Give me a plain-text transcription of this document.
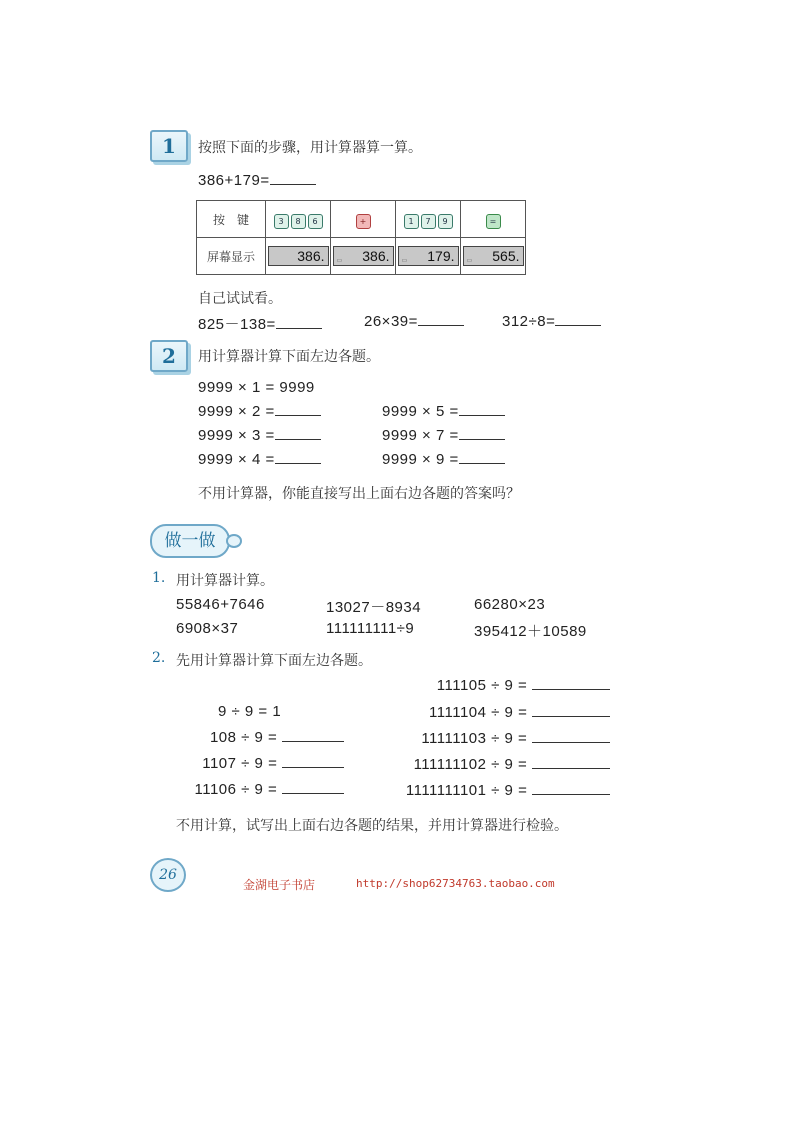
1	按照下面的步骤，用计算器算一算。
386+179=
按　键	3 8 6	+	1 7 9	=
屏幕显示	386.	▭ 386.	▭ 179.	▭ 565.
自己试试看。
825－138=	26×39=	312÷8=
2	用计算器计算下面左边各题。
9999 × 1 = 9999
9999 × 2 =
9999 × 3 =
9999 × 4 =
9999 × 5 =
9999 × 7 =
9999 × 9 =
不用计算器，你能直接写出上面右边各题的答案吗？
做一做
1. 用计算器计算。
55846+7646	13027－8934	66280×23
6908×37	111111111÷9	395412＋10589
2. 先用计算器计算下面左边各题。
111105 ÷ 9 =
1111104 ÷ 9 =
11111103 ÷ 9 =
111111102 ÷ 9 =
1111111101 ÷ 9 =
9 ÷ 9 = 1
108 ÷ 9 =
1107 ÷ 9 =
11106 ÷ 9 =
不用计算，试写出上面右边各题的结果，并用计算器进行检验。
26
金湖电子书店	http://shop62734763.taobao.com
